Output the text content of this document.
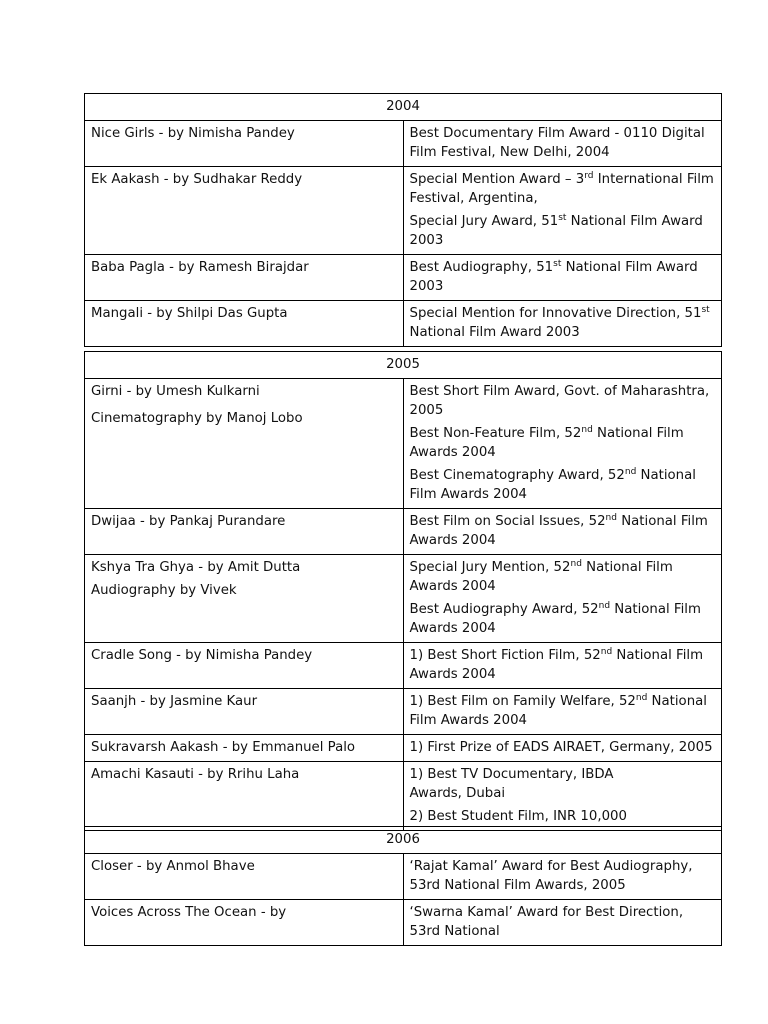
2004	

Nice Girls - by Nimisha Pandey	Best Documentary Film Award - 0110 Digital Film Festival, New Delhi, 2004

Ek Aakash - by Sudhakar Reddy	Special Mention Award – 3rd International Film Festival, Argentina,
Special Jury Award, 51st National Film Award 2003

Baba Pagla - by Ramesh Birajdar	Best Audiography, 51st National Film Award 2003

Mangali - by Shilpi Das Gupta	Special Mention for Innovative Direction, 51st National Film Award 2003
2005	

Girni - by Umesh Kulkarni
Cinematography by Manoj Lobo	Best Short Film Award, Govt. of Maharashtra, 2005
Best Non-Feature Film, 52nd National Film Awards 2004
Best Cinematography Award, 52nd National Film Awards 2004

Dwijaa - by Pankaj Purandare	Best Film on Social Issues, 52nd National Film Awards 2004

Kshya Tra Ghya - by Amit Dutta
Audiography by Vivek	Special Jury Mention, 52nd National Film Awards 2004
Best Audiography Award, 52nd National Film Awards 2004

Cradle Song - by Nimisha Pandey	1) Best Short Fiction Film, 52nd National Film Awards 2004

Saanjh - by Jasmine Kaur	1) Best Film on Family Welfare, 52nd National Film Awards 2004

Sukravarsh Aakash - by Emmanuel Palo	1) First Prize of EADS AIRAET, Germany, 2005

Amachi Kasauti - by Rrihu Laha	1) Best TV Documentary, IBDAAwards, Dubai
2) Best Student Film, INR 10,000
2006	

Closer - by Anmol Bhave	‘Rajat Kamal’ Award for Best Audiography, 53rd National Film Awards, 2005

Voices Across The Ocean - by	‘Swarna Kamal’ Award for Best Direction, 53rd National
